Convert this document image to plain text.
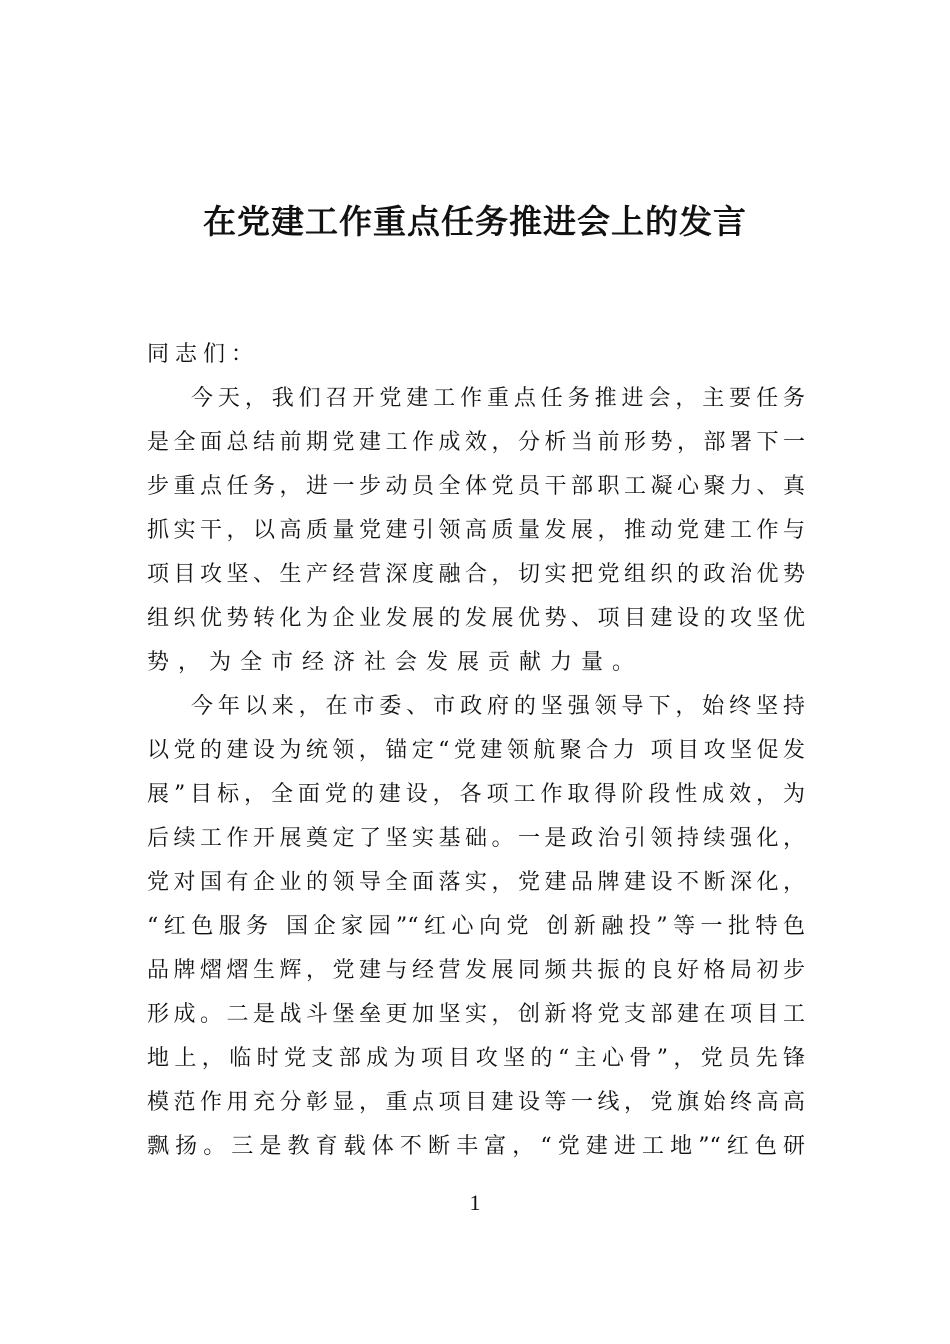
在党建工作重点任务推进会上的发言
同志们：
今天，我们召开党建工作重点任务推进会，主要任务
是全面总结前期党建工作成效，分析当前形势，部署下一
步重点任务，进一步动员全体党员干部职工凝心聚力、真
抓实干，以高质量党建引领高质量发展，推动党建工作与
项目攻坚、生产经营深度融合，切实把党组织的政治优势
组织优势转化为企业发展的发展优势、项目建设的攻坚优
势，为全市经济社会发展贡献力量。
今年以来，在市委、市政府的坚强领导下，始终坚持
以党的建设为统领，锚定“党建领航聚合力 项目攻坚促发
展”目标，全面党的建设，各项工作取得阶段性成效，为
后续工作开展奠定了坚实基础。一是政治引领持续强化，
党对国有企业的领导全面落实，党建品牌建设不断深化，
“红色服务 国企家园”“红心向党 创新融投”等一批特色
品牌熠熠生辉，党建与经营发展同频共振的良好格局初步
形成。二是战斗堡垒更加坚实，创新将党支部建在项目工
地上，临时党支部成为项目攻坚的“主心骨”，党员先锋
模范作用充分彰显，重点项目建设等一线，党旗始终高高
飘扬。三是教育载体不断丰富，“党建进工地”“红色研
1
